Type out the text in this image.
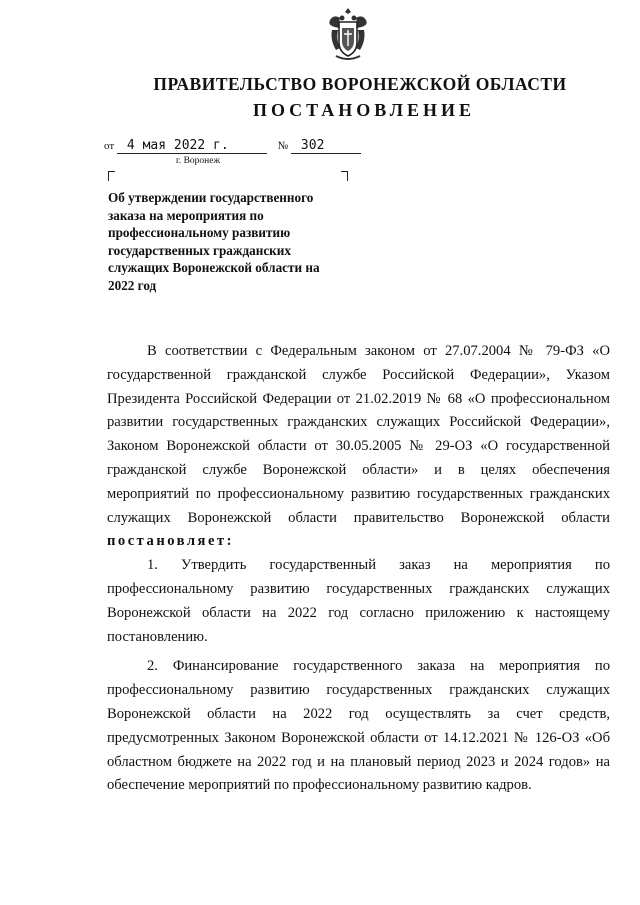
ПРАВИТЕЛЬСТВО ВОРОНЕЖСКОЙ ОБЛАСТИ
ПОСТАНОВЛЕНИЕ
от 4 мая 2022 г.	№ 302
г. Воронеж
Об утверждении государственного заказа на мероприятия по профессиональному развитию государственных гражданских служащих Воронежской области на 2022 год

В соответствии с Федеральным законом от 27.07.2004 № 79-ФЗ «О государственной гражданской службе Российской Федерации», Указом Президента Российской Федерации от 21.02.2019 № 68 «О профессиональном развитии государственных гражданских служащих Российской Федерации», Законом Воронежской области от 30.05.2005 № 29-ОЗ «О государственной гражданской службе Воронежской области» и в целях обеспечения мероприятий по профессиональному развитию государственных гражданских служащих Воронежской области правительство Воронежской области постановляет:

1. Утвердить государственный заказ на мероприятия по профессиональному развитию государственных гражданских служащих Воронежской области на 2022 год согласно приложению к настоящему постановлению.

2. Финансирование государственного заказа на мероприятия по профессиональному развитию государственных гражданских служащих Воронежской области на 2022 год осуществлять за счет средств, предусмотренных Законом Воронежской области от 14.12.2021 № 126-ОЗ «Об областном бюджете на 2022 год и на плановый период 2023 и 2024 годов» на обеспечение мероприятий по профессиональному развитию кадров.
